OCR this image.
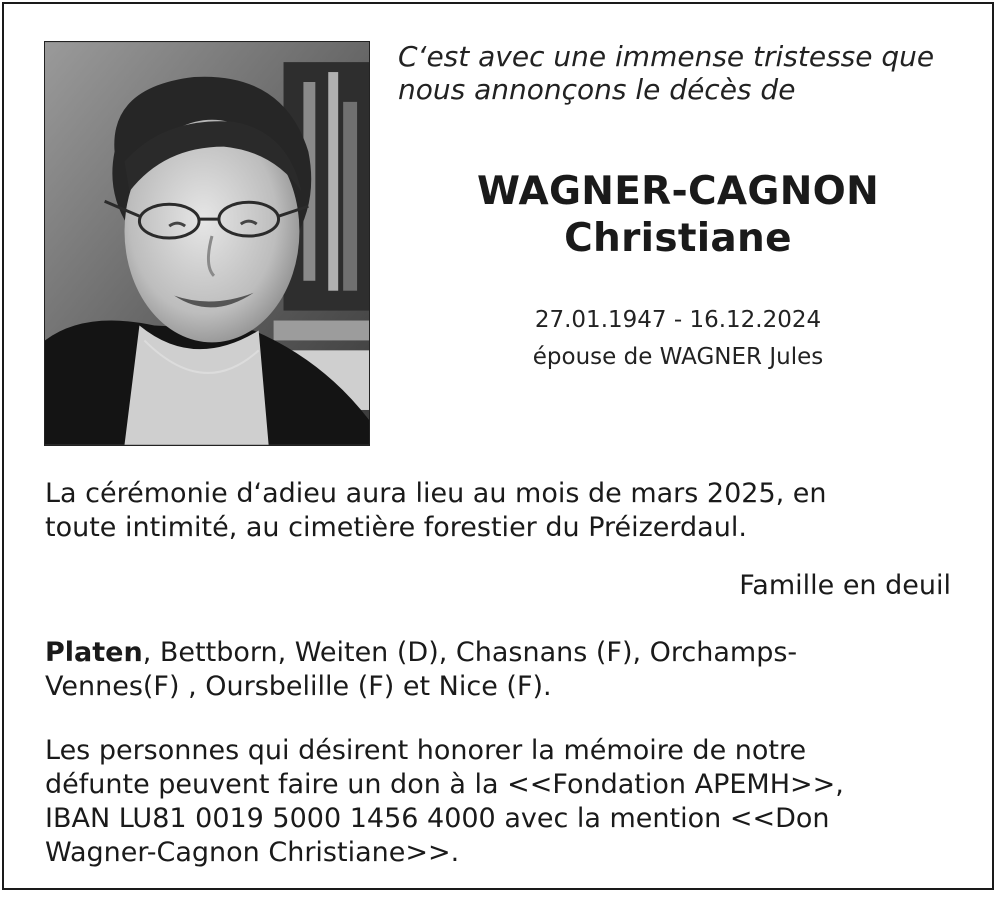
C‘est avec une immense tristesse que
nous annonçons le décès de
WAGNER-CAGNON
Christiane
27.01.1947 - 16.12.2024
épouse de WAGNER Jules
La cérémonie d‘adieu aura lieu au mois de mars 2025, en
toute intimité, au cimetière forestier du Préizerdaul.
Famille en deuil
Platen, Bettborn, Weiten (D), Chasnans (F), Orchamps-
Vennes(F) , Oursbelille (F) et Nice (F).
Les personnes qui désirent honorer la mémoire de notre
défunte peuvent faire un don à la <<Fondation APEMH>>,
IBAN LU81 0019 5000 1456 4000 avec la mention <<Don
Wagner-Cagnon Christiane>>.
